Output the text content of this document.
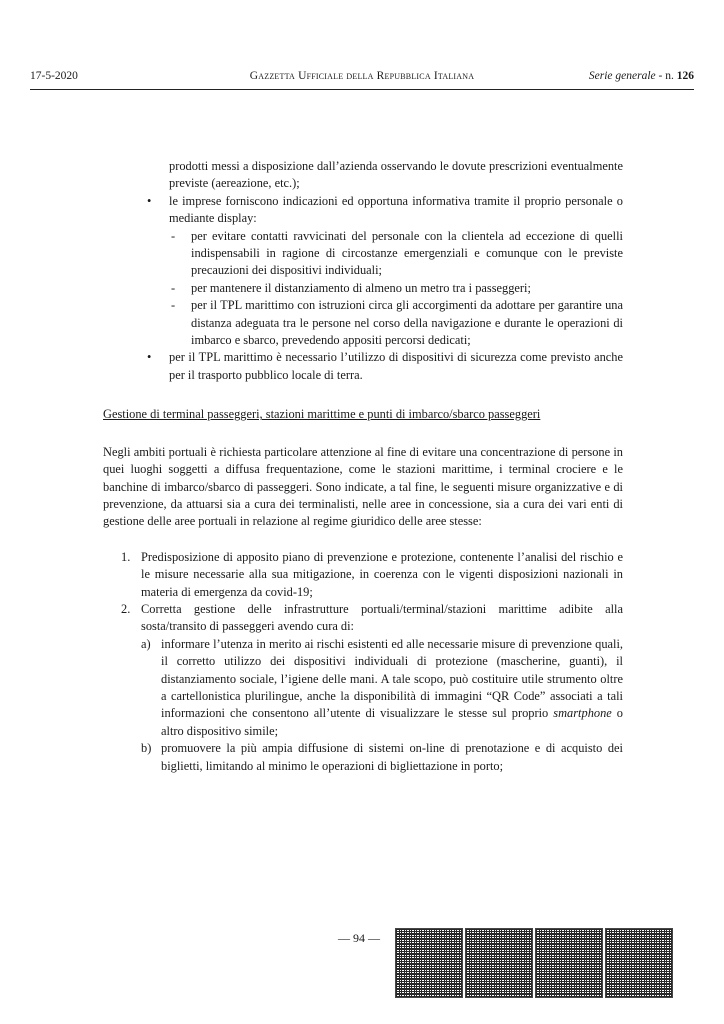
17-5-2020	Gazzetta Ufficiale della Repubblica Italiana	Serie generale - n. 126

prodotti messi a disposizione dall’azienda osservando le dovute prescrizioni eventualmente previste (aereazione, etc.);

• le imprese forniscono indicazioni ed opportuna informativa tramite il proprio personale o mediante display:
- per evitare contatti ravvicinati del personale con la clientela ad eccezione di quelli indispensabili in ragione di circostanze emergenziali e comunque con le previste precauzioni dei dispositivi individuali;
- per mantenere il distanziamento di almeno un metro tra i passeggeri;
- per il TPL marittimo con istruzioni circa gli accorgimenti da adottare per garantire una distanza adeguata tra le persone nel corso della navigazione e durante le operazioni di imbarco e sbarco, prevedendo appositi percorsi dedicati;
• per il TPL marittimo è necessario l’utilizzo di dispositivi di sicurezza come previsto anche per il trasporto pubblico locale di terra.

Gestione di terminal passeggeri, stazioni marittime e punti di imbarco/sbarco passeggeri

Negli ambiti portuali è richiesta particolare attenzione al fine di evitare una concentrazione di persone in quei luoghi soggetti a diffusa frequentazione, come le stazioni marittime, i terminal crociere e le banchine di imbarco/sbarco di passeggeri. Sono indicate, a tal fine, le seguenti misure organizzative e di prevenzione, da attuarsi sia a cura dei terminalisti, nelle aree in concessione, sia a cura dei vari enti di gestione delle aree portuali in relazione al regime giuridico delle aree stesse:

1. Predisposizione di apposito piano di prevenzione e protezione, contenente l’analisi del rischio e le misure necessarie alla sua mitigazione, in coerenza con le vigenti disposizioni nazionali in materia di emergenza da covid-19;
2. Corretta gestione delle infrastrutture portuali/terminal/stazioni marittime adibite alla sosta/transito di passeggeri avendo cura di:
a) informare l’utenza in merito ai rischi esistenti ed alle necessarie misure di prevenzione quali, il corretto utilizzo dei dispositivi individuali di protezione (mascherine, guanti), il distanziamento sociale, l’igiene delle mani. A tale scopo, può costituire utile strumento oltre a cartellonistica plurilingue, anche la disponibilità di immagini “QR Code” associati a tali informazioni che consentono all’utente di visualizzare le stesse sul proprio smartphone o altro dispositivo simile;
b) promuovere la più ampia diffusione di sistemi on-line di prenotazione e di acquisto dei biglietti, limitando al minimo le operazioni di bigliettazione in porto;
— 94 —
